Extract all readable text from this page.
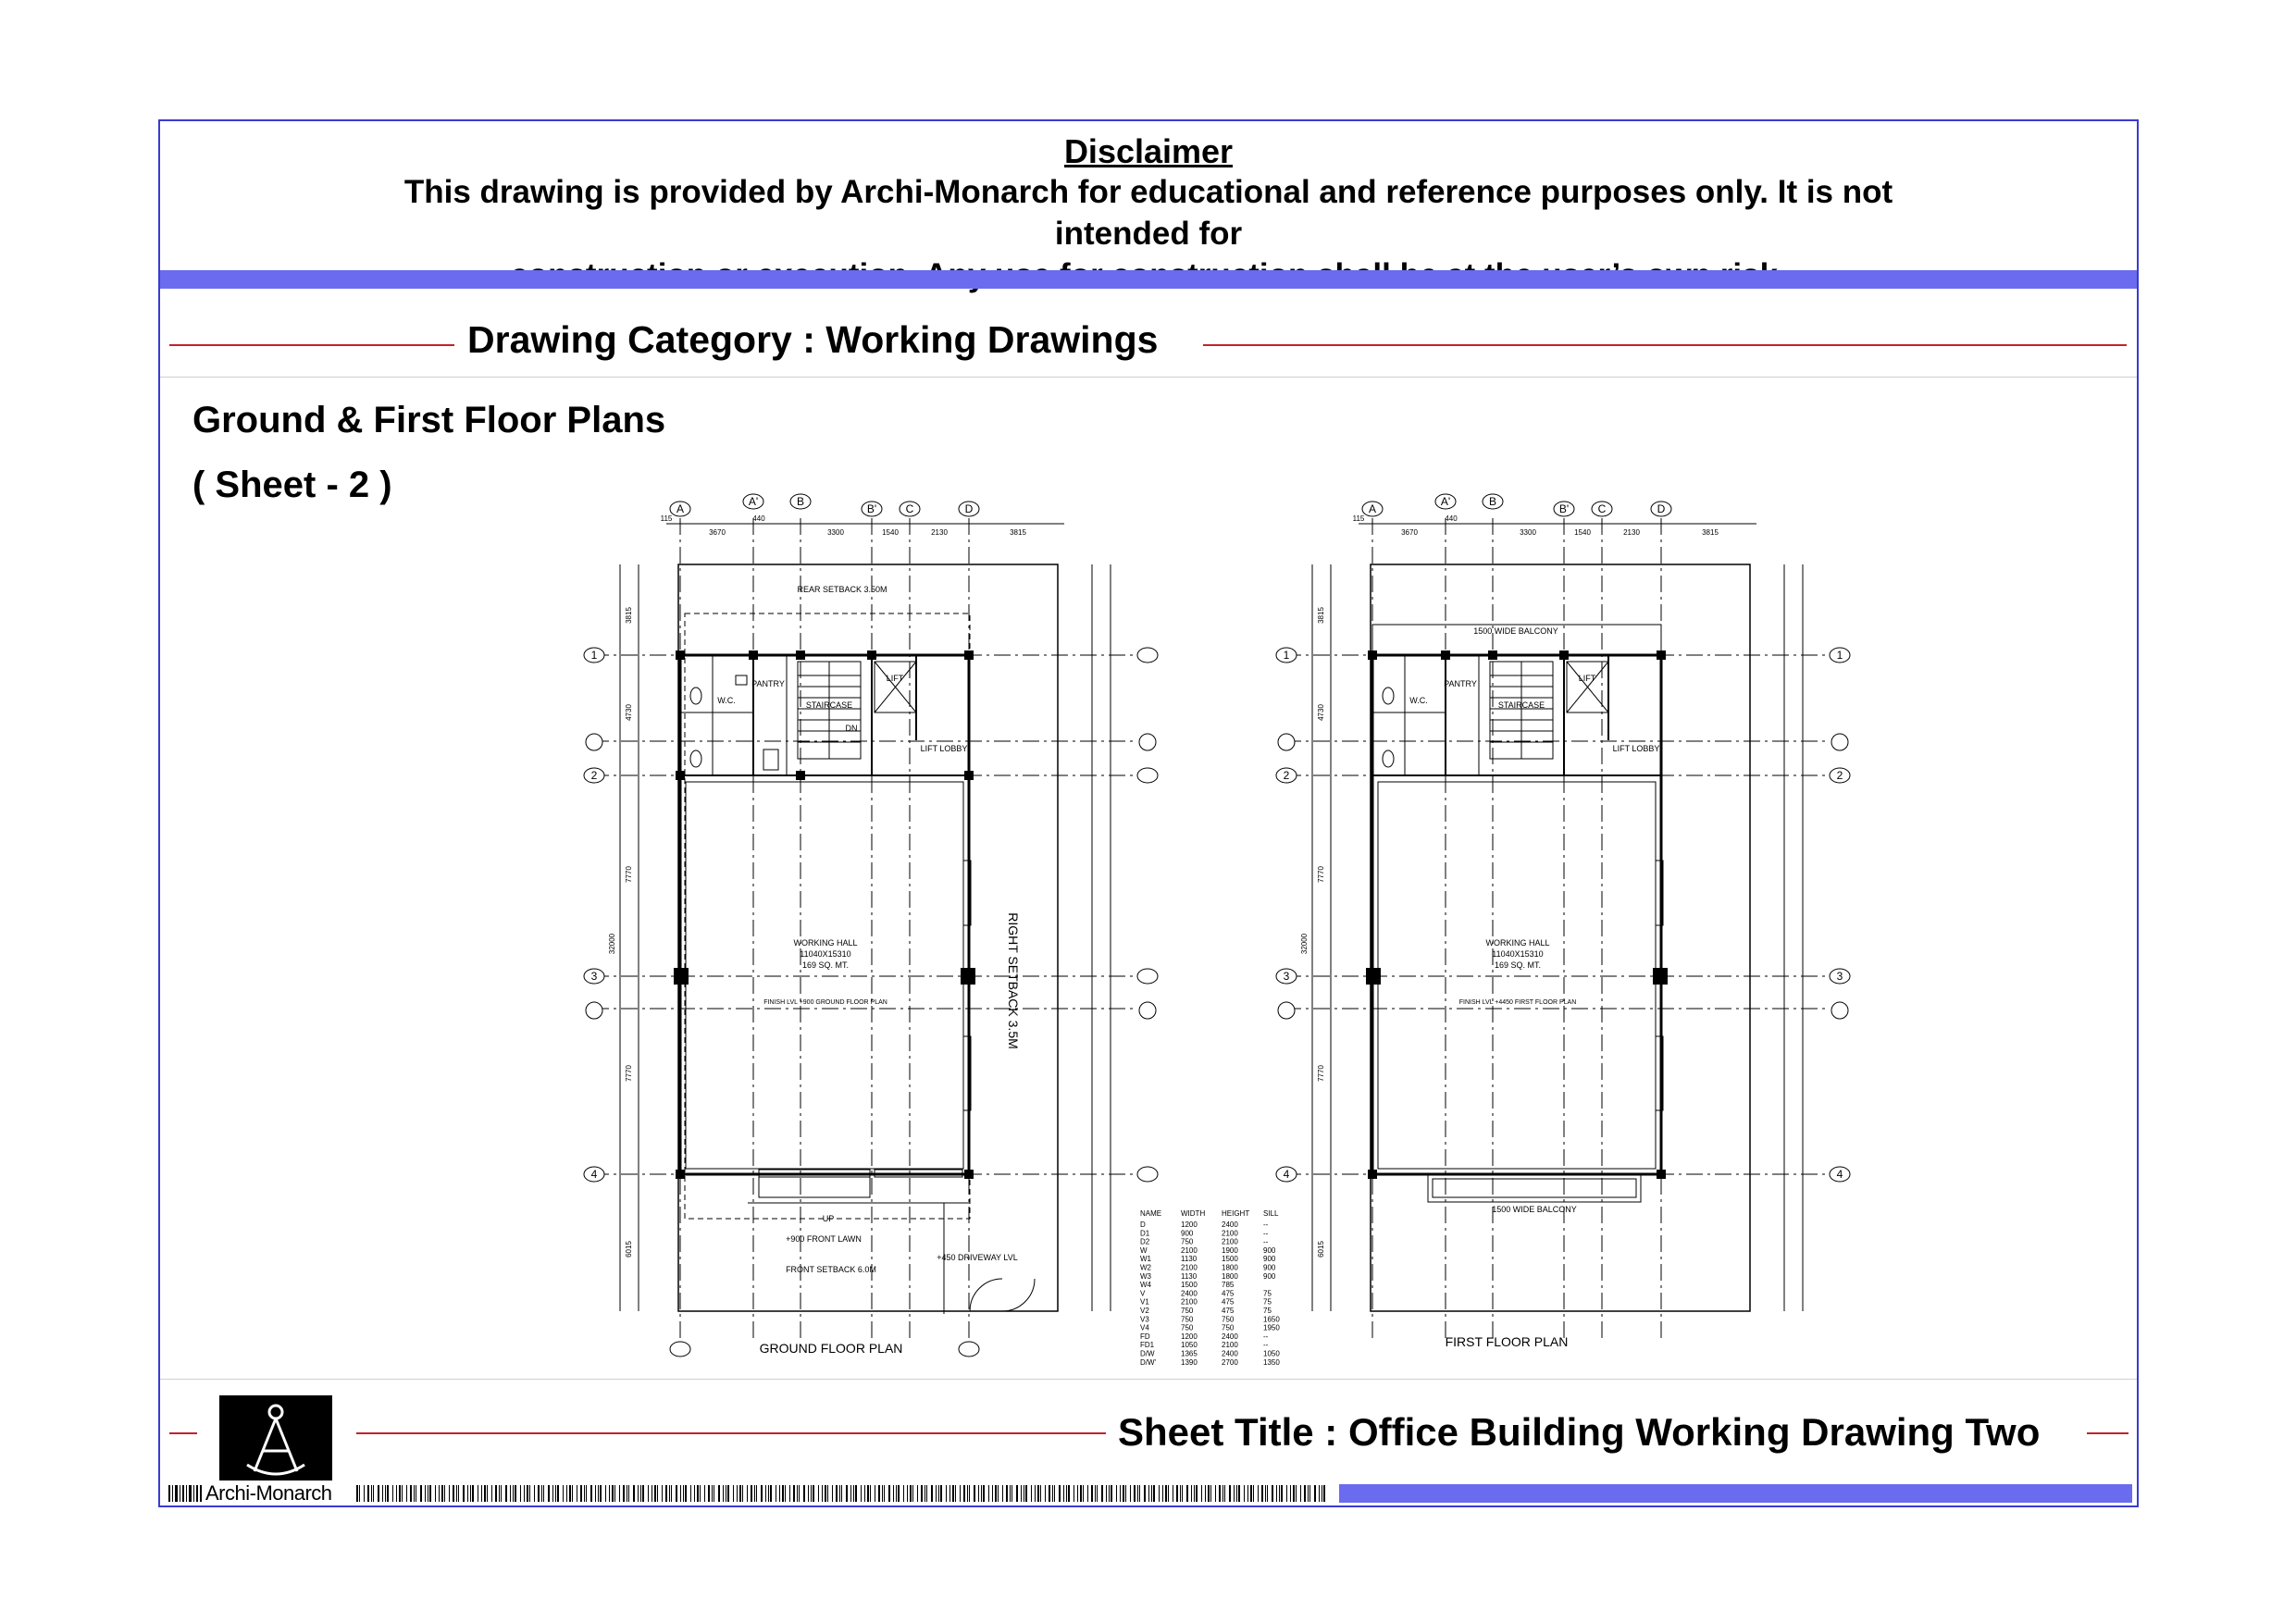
Disclaimer
This drawing is provided by Archi-Monarch for educational and reference purposes only. It is not intended for
Drawing Category : Working Drawings
Ground & First Floor Plans
( Sheet - 2 )
A
A'	B
B'	C	D
1
2
3
4
REAR SETBACK 3.50M
STAIRCASE
LIFT LOBBY
LIFT
PANTRY
W.C.
WORKING HALL
11040X15310
169 SQ. MT.
FINISH LVL +900 GROUND FLOOR PLAN
+900 FRONT LAWN
FRONT SETBACK 6.0M
+450 DRIVEWAY LVL
UP
DN
GROUND FLOOR PLAN
RIGHT SETBACK 3.5M
115
3670
440
3300	1540	2130	3815
3815
4730
7770
32000
7770
6015
NAME	WIDTH HEIGHT SILL
D	1200	2400	--
D1	900	2100	--
D2	750	2100	--
W	2100	1900	900
W1	1130	1500	900
W2	2100	1800	900
W3	1130	1800	900
W4	1500	785
V	2400	475	75
V1	2100	475	75
V2	750	475	75
V3	750	750	1650
V4	750	750	1950
FD	1200	2400	--
FD1	1050	2100	--
D/W	1365	2400	1050
D/W'	1390	2700	1350
A
A'	B
B'	C	D
1
2
3
4
1
2
3
4
1500 WIDE BALCONY
STAIRCASE
LIFT LOBBY
LIFT
PANTRY
W.C.
WORKING HALL
11040X15310
169 SQ. MT.
FINISH LVL +4450 FIRST FLOOR PLAN
1500 WIDE BALCONY
FIRST FLOOR PLAN
115
3670
440
3300	1540	2130	3815
3815
4730
7770
32000
7770
6015
Sheet Title : Office Building Working Drawing Two
Archi-Monarch
